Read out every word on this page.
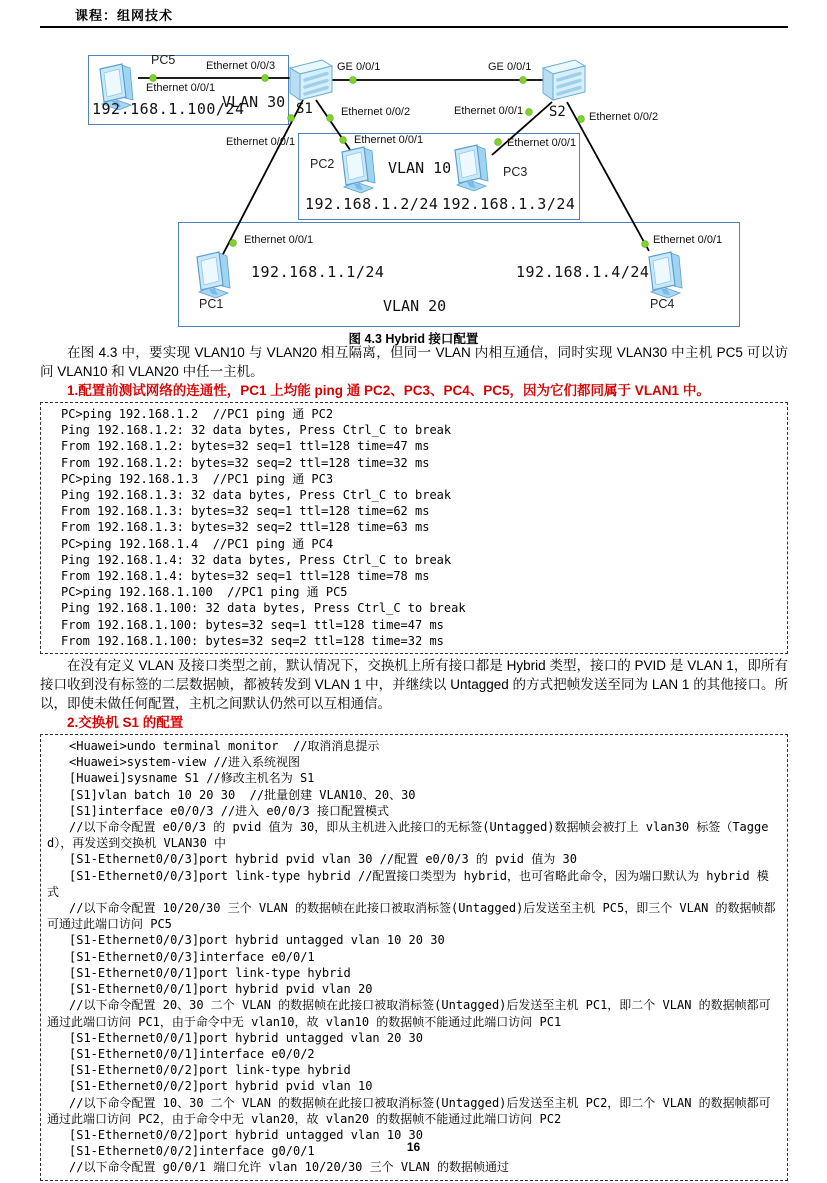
课程：组网技术
PC5
S1	S2
PC2
PC3
PC1	PC4
VLAN 30
VLAN 10
VLAN 20
192.168.1.100/24
192.168.1.2/24 192.168.1.3/24
192.168.1.1/24	192.168.1.4/24
Ethernet 0/0/1
Ethernet 0/0/3	GE 0/0/1	GE 0/0/1
Ethernet 0/0/1
Ethernet 0/0/2	Ethernet 0/0/1	Ethernet 0/0/2
Ethernet 0/0/1	Ethernet 0/0/1
Ethernet 0/0/1	Ethernet 0/0/1
图 4.3 Hybrid 接口配置

在图 4.3 中，要实现 VLAN10 与 VLAN20 相互隔离，但同一 VLAN 内相互通信，同时实现 VLAN30 中主机 PC5 可以访问 VLAN10 和 VLAN20 中任一主机。

1.配置前测试网络的连通性，PC1 上均能 ping 通 PC2、PC3、PC4、PC5，因为它们都同属于 VLAN1 中。

PC>ping 192.168.1.2  //PC1 ping 通 PC2
Ping 192.168.1.2: 32 data bytes, Press Ctrl_C to break
From 192.168.1.2: bytes=32 seq=1 ttl=128 time=47 ms
From 192.168.1.2: bytes=32 seq=2 ttl=128 time=32 ms
PC>ping 192.168.1.3  //PC1 ping 通 PC3
Ping 192.168.1.3: 32 data bytes, Press Ctrl_C to break
From 192.168.1.3: bytes=32 seq=1 ttl=128 time=62 ms
From 192.168.1.3: bytes=32 seq=2 ttl=128 time=63 ms
PC>ping 192.168.1.4  //PC1 ping 通 PC4
Ping 192.168.1.4: 32 data bytes, Press Ctrl_C to break
From 192.168.1.4: bytes=32 seq=1 ttl=128 time=78 ms
PC>ping 192.168.1.100  //PC1 ping 通 PC5
Ping 192.168.1.100: 32 data bytes, Press Ctrl_C to break
From 192.168.1.100: bytes=32 seq=1 ttl=128 time=47 ms
From 192.168.1.100: bytes=32 seq=2 ttl=128 time=32 ms

在没有定义 VLAN 及接口类型之前，默认情况下，交换机上所有接口都是 Hybrid 类型，接口的 PVID 是 VLAN 1，即所有接口收到没有标签的二层数据帧，都被转发到 VLAN 1 中，并继续以 Untagged 的方式把帧发送至同为 LAN 1 的其他接口。所以，即使未做任何配置，主机之间默认仍然可以互相通信。

2.交换机 S1 的配置

<Huawei>undo terminal monitor  //取消消息提示
<Huawei>system-view //进入系统视图
[Huawei]sysname S1 //修改主机名为 S1
[S1]vlan batch 10 20 30  //批量创建 VLAN10、20、30
[S1]interface e0/0/3 //进入 e0/0/3 接口配置模式
//以下命令配置 e0/0/3 的 pvid 值为 30，即从主机进入此接口的无标签(Untagged)数据帧会被打上 vlan30 标签（Tagged），再发送到交换机 VLAN30 中
[S1-Ethernet0/0/3]port hybrid pvid vlan 30 //配置 e0/0/3 的 pvid 值为 30
[S1-Ethernet0/0/3]port link-type hybrid //配置接口类型为 hybrid，也可省略此命令，因为端口默认为 hybrid 模式
//以下命令配置 10/20/30 三个 VLAN 的数据帧在此接口被取消标签(Untagged)后发送至主机 PC5，即三个 VLAN 的数据帧都可通过此端口访问 PC5
[S1-Ethernet0/0/3]port hybrid untagged vlan 10 20 30
[S1-Ethernet0/0/3]interface e0/0/1
[S1-Ethernet0/0/1]port link-type hybrid
[S1-Ethernet0/0/1]port hybrid pvid vlan 20
//以下命令配置 20、30 二个 VLAN 的数据帧在此接口被取消标签(Untagged)后发送至主机 PC1，即二个 VLAN 的数据帧都可通过此端口访问 PC1，由于命令中无 vlan10，故 vlan10 的数据帧不能通过此端口访问 PC1
[S1-Ethernet0/0/1]port hybrid untagged vlan 20 30
[S1-Ethernet0/0/1]interface e0/0/2
[S1-Ethernet0/0/2]port link-type hybrid
[S1-Ethernet0/0/2]port hybrid pvid vlan 10
//以下命令配置 10、30 二个 VLAN 的数据帧在此接口被取消标签(Untagged)后发送至主机 PC2，即二个 VLAN 的数据帧都可通过此端口访问 PC2，由于命令中无 vlan20，故 vlan20 的数据帧不能通过此端口访问 PC2
[S1-Ethernet0/0/2]port hybrid untagged vlan 10 30
[S1-Ethernet0/0/2]interface g0/0/1
//以下命令配置 g0/0/1 端口允许 vlan 10/20/30 三个 VLAN 的数据帧通过
16
